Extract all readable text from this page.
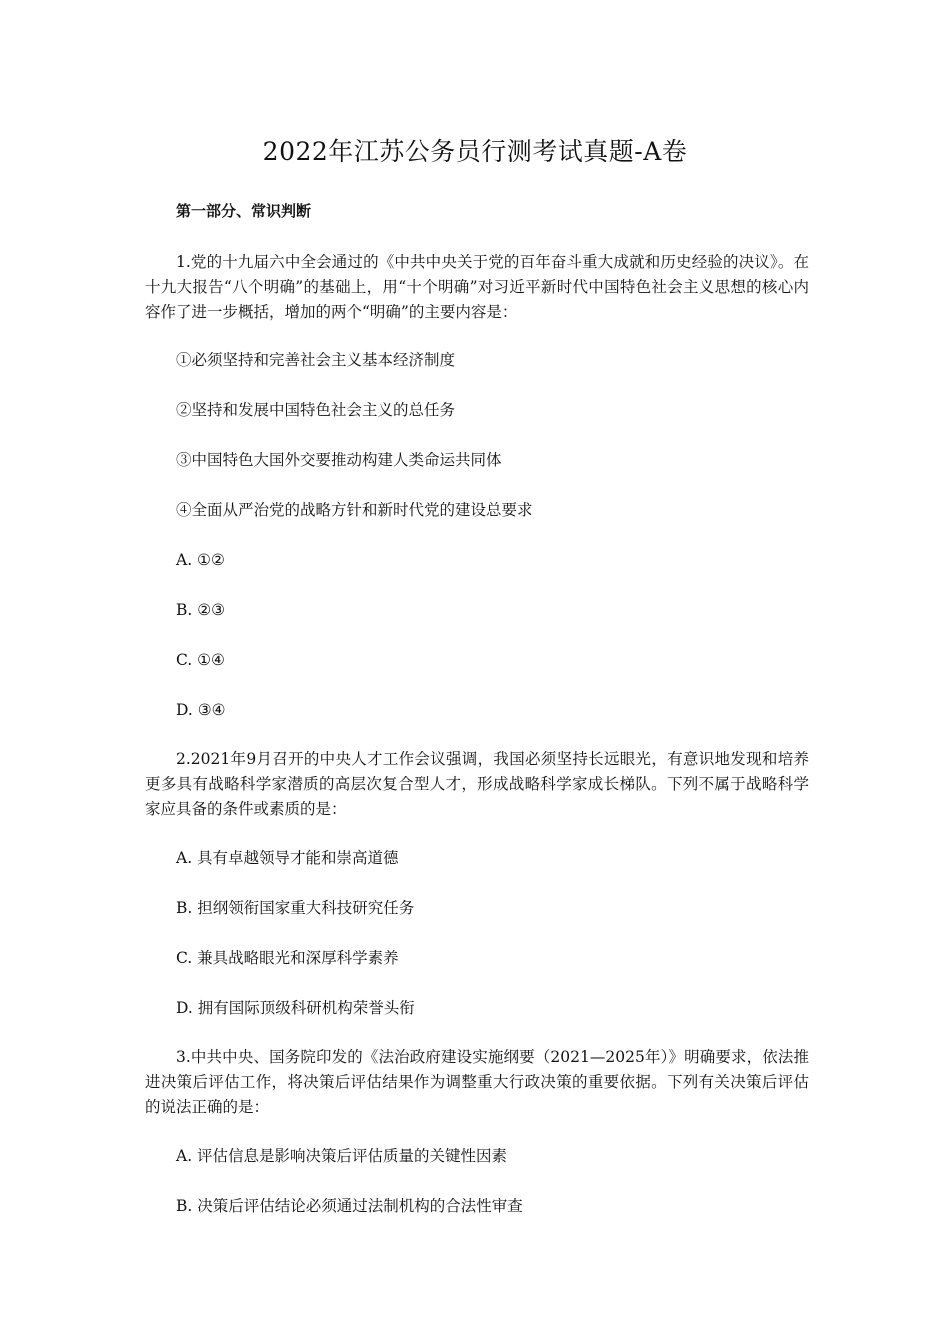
2022年江苏公务员行测考试真题-A卷
第一部分、常识判断
1.党的十九届六中全会通过的《中共中央关于党的百年奋斗重大成就和历史经验的决议》。在十九大报告“八个明确”的基础上，用“十个明确”对习近平新时代中国特色社会主义思想的核心内容作了进一步概括，增加的两个“明确”的主要内容是：
①必须坚持和完善社会主义基本经济制度
②坚持和发展中国特色社会主义的总任务
③中国特色大国外交要推动构建人类命运共同体
④全面从严治党的战略方针和新时代党的建设总要求
A. ①②
B. ②③
C. ①④
D. ③④
2.2021年9月召开的中央人才工作会议强调，我国必须坚持长远眼光，有意识地发现和培养更多具有战略科学家潜质的高层次复合型人才，形成战略科学家成长梯队。下列不属于战略科学家应具备的条件或素质的是：
A. 具有卓越领导才能和崇高道德
B. 担纲领衔国家重大科技研究任务
C. 兼具战略眼光和深厚科学素养
D. 拥有国际顶级科研机构荣誉头衔
3.中共中央、国务院印发的《法治政府建设实施纲要（2021—2025年）》明确要求，依法推进决策后评估工作，将决策后评估结果作为调整重大行政决策的重要依据。下列有关决策后评估的说法正确的是：
A. 评估信息是影响决策后评估质量的关键性因素
B. 决策后评估结论必须通过法制机构的合法性审查
